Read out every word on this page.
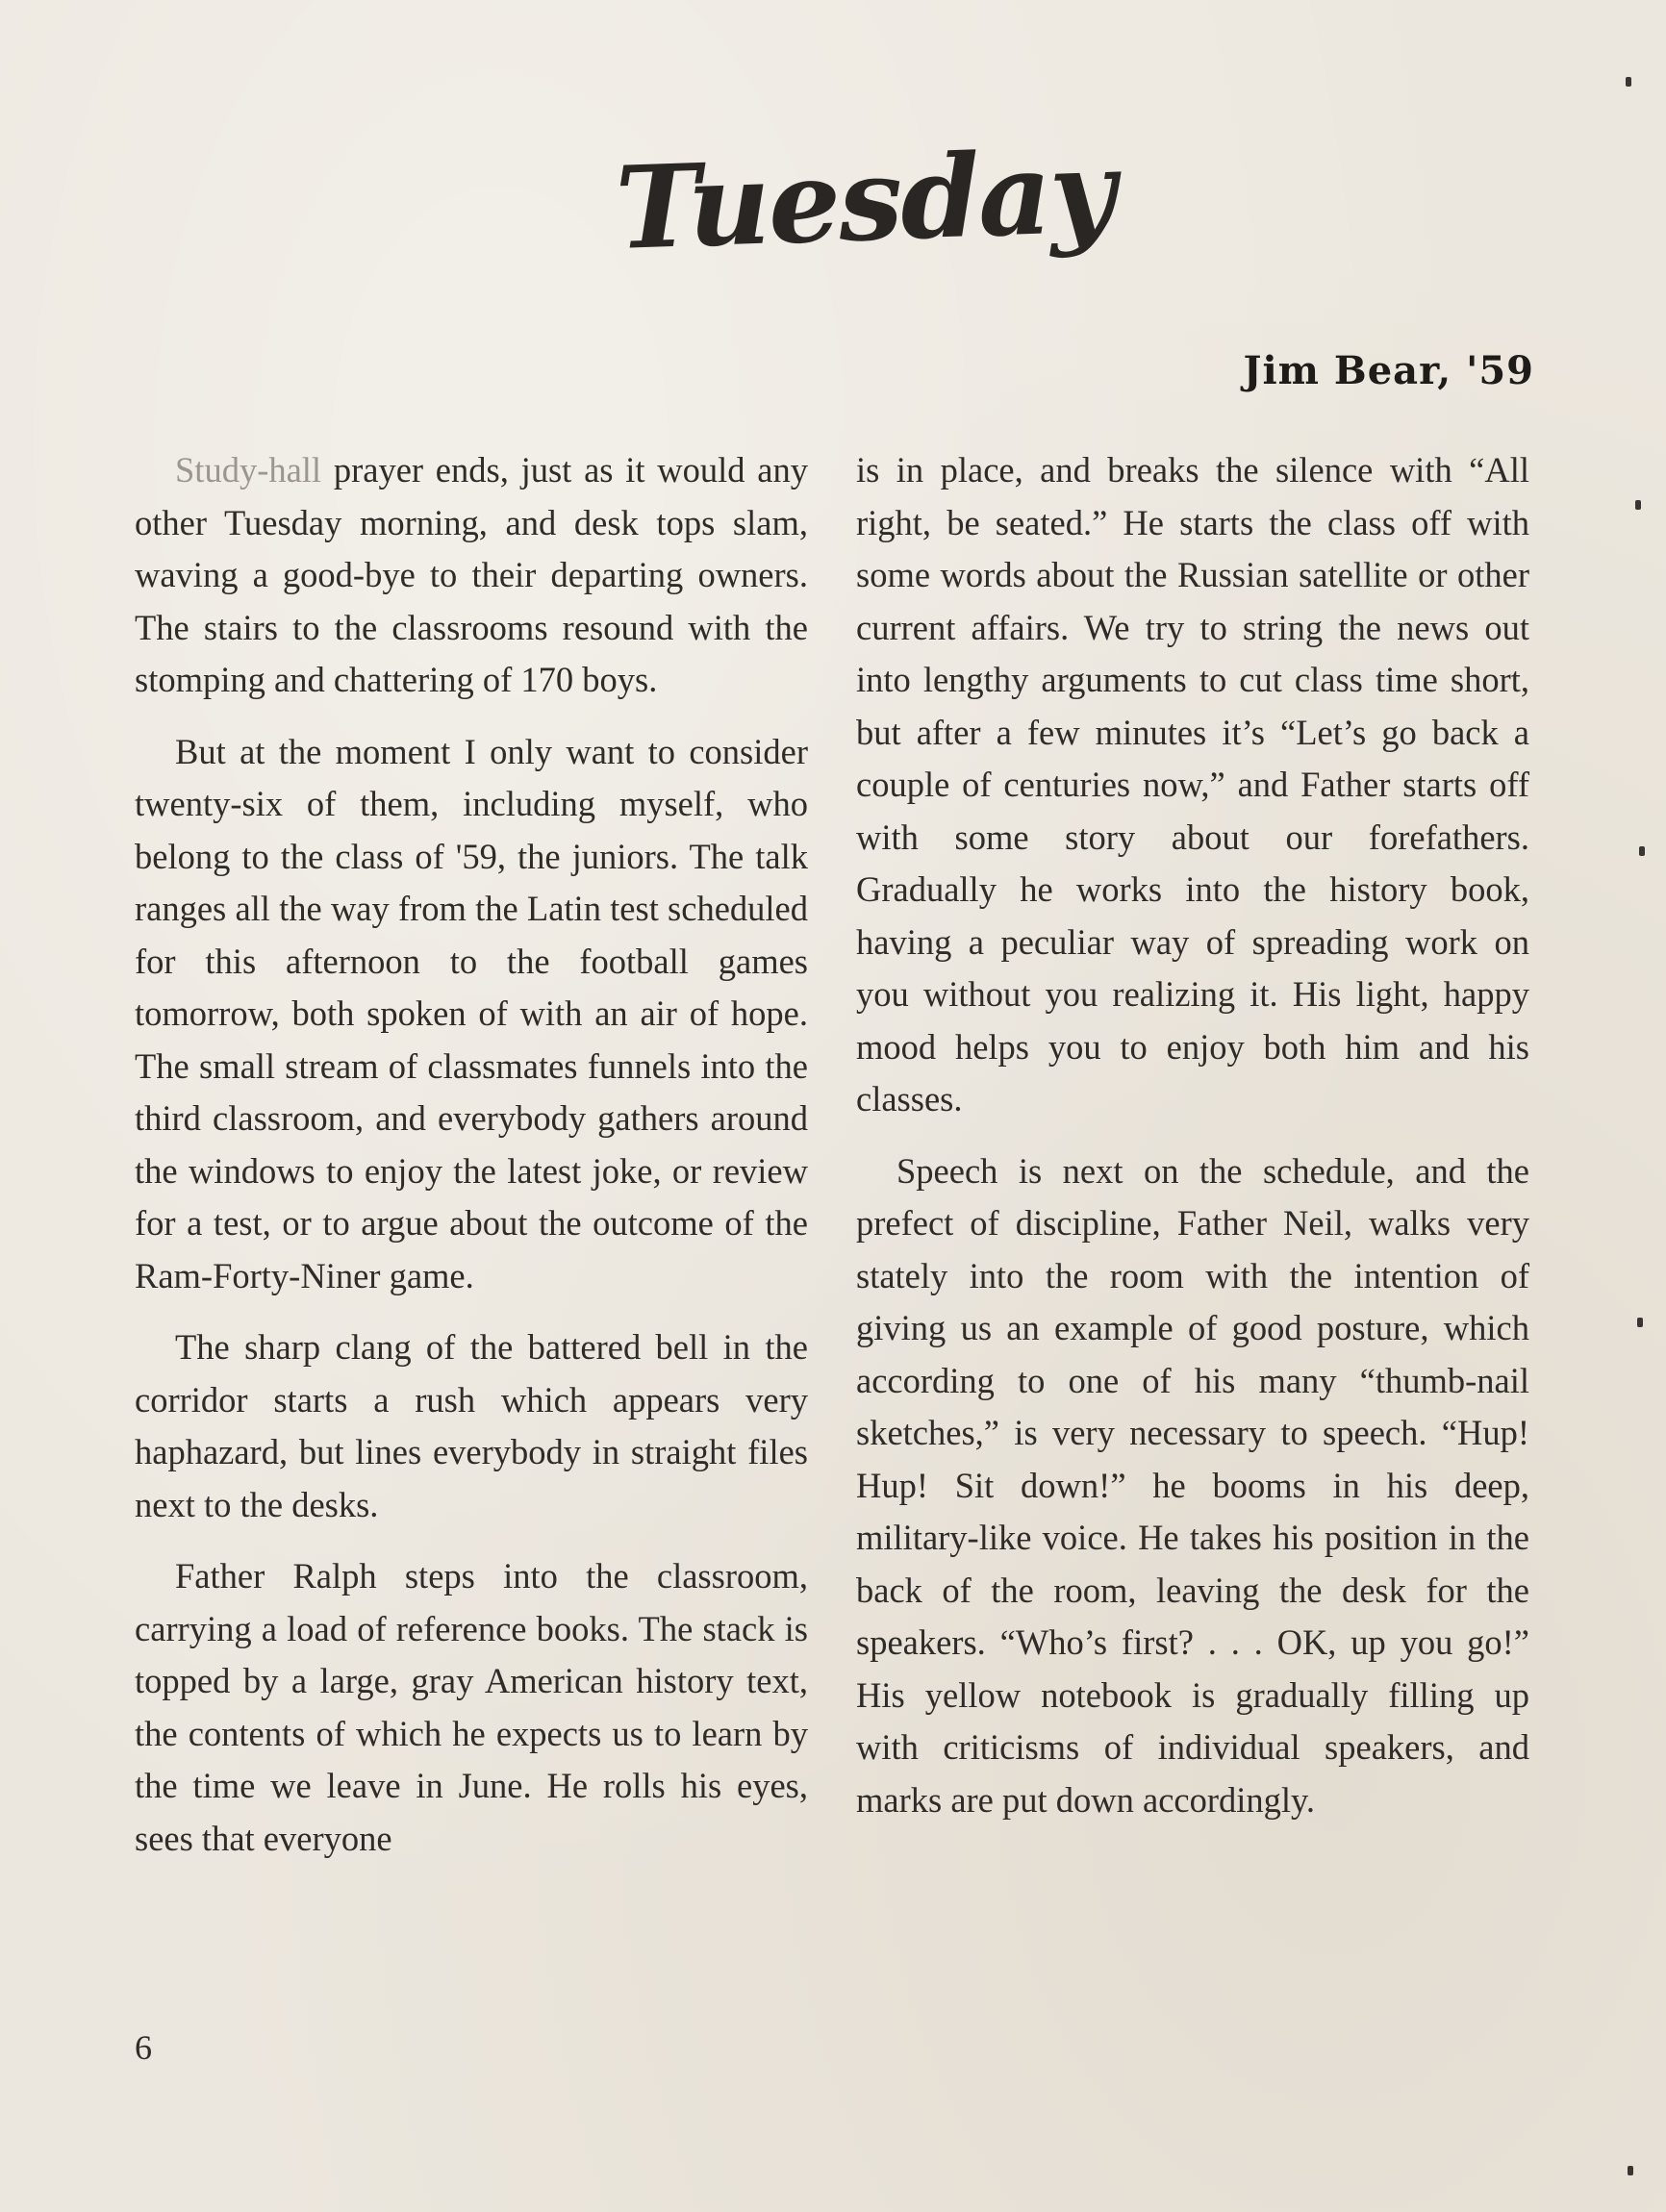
Tuesday
Jim Bear, '59

Study-hall prayer ends, just as it would any other Tuesday morning, and desk tops slam, waving a good-bye to their departing owners. The stairs to the classrooms resound with the stomping and chattering of 170 boys.

But at the moment I only want to consider twenty-six of them, including myself, who belong to the class of '59, the juniors. The talk ranges all the way from the Latin test scheduled for this afternoon to the football games tomorrow, both spoken of with an air of hope. The small stream of classmates funnels into the third classroom, and everybody gathers around the windows to enjoy the latest joke, or review for a test, or to argue about the outcome of the Ram-Forty-Niner game.

The sharp clang of the battered bell in the corridor starts a rush which appears very haphazard, but lines everybody in straight files next to the desks.

Father Ralph steps into the classroom, carrying a load of reference books. The stack is topped by a large, gray American history text, the contents of which he expects us to learn by the time we leave in June. He rolls his eyes, sees that everyone

is in place, and breaks the silence with “All right, be seated.” He starts the class off with some words about the Russian satellite or other current affairs. We try to string the news out into lengthy arguments to cut class time short, but after a few minutes it’s “Let’s go back a couple of centuries now,” and Father starts off with some story about our forefathers. Gradually he works into the history book, having a peculiar way of spreading work on you without you realizing it. His light, happy mood helps you to enjoy both him and his classes.

Speech is next on the schedule, and the prefect of discipline, Father Neil, walks very stately into the room with the intention of giving us an example of good posture, which according to one of his many “thumb-nail sketches,” is very necessary to speech. “Hup! Hup! Sit down!” he booms in his deep, military-like voice. He takes his position in the back of the room, leaving the desk for the speakers. “Who’s first? . . . OK, up you go!” His yellow notebook is gradually filling up with criticisms of individual speakers, and marks are put down accordingly.

6
